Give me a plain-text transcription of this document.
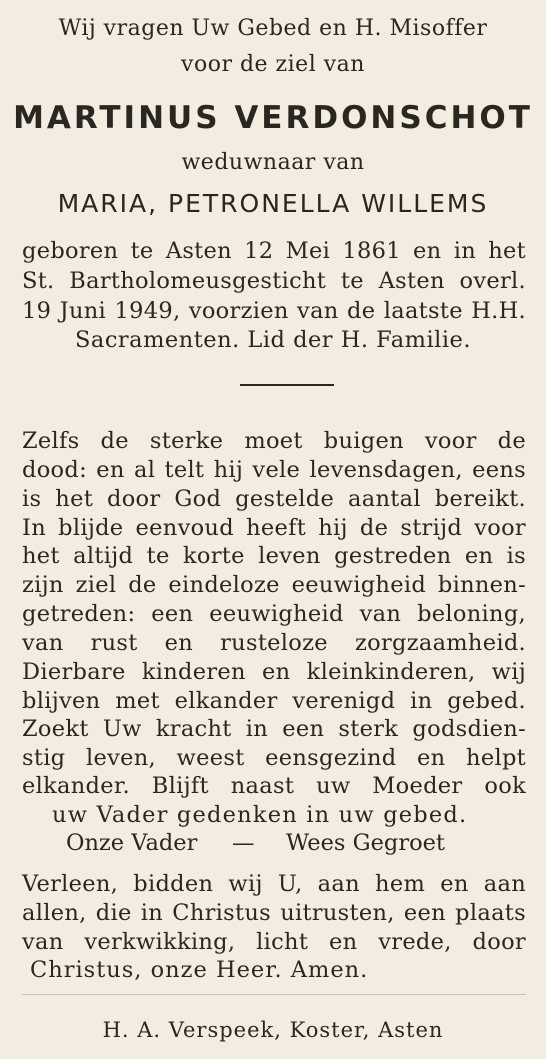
Wij vragen Uw Gebed en H. Misoffer
voor de ziel van
MARTINUS VERDONSCHOT
weduwnaar van
MARIA, PETRONELLA WILLEMS
geboren te Asten 12 Mei 1861 en in het
St. Bartholomeusgesticht te Asten overl.
19 Juni 1949, voorzien van de laatste H.H.
Sacramenten. Lid der H. Familie.
Zelfs de sterke moet buigen voor de
dood: en al telt hij vele levensdagen, eens
is het door God gestelde aantal bereikt.
In blijde eenvoud heeft hij de strijd voor
het altijd te korte leven gestreden en is
zijn ziel de eindeloze eeuwigheid binnen-
getreden: een eeuwigheid van beloning,
van rust en rusteloze zorgzaamheid.
Dierbare kinderen en kleinkinderen, wij
blijven met elkander verenigd in gebed.
Zoekt Uw kracht in een sterk godsdien-
stig leven, weest eensgezind en helpt
elkander. Blijft naast uw Moeder ook
uw Vader gedenken in uw gebed.
Onze Vader — Wees Gegroet
Verleen, bidden wij U, aan hem en aan
allen, die in Christus uitrusten, een plaats
van verkwikking, licht en vrede, door
Christus, onze Heer. Amen.
H. A. Verspeek, Koster, Asten
